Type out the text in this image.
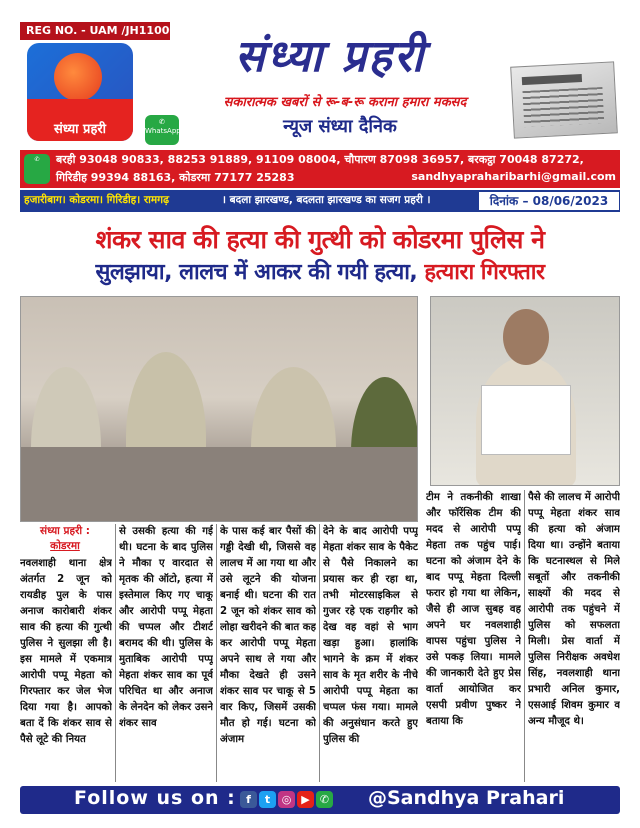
REG NO. - UAM /JH110005169
संध्या प्रहरी	✆
WhatsApp
संध्या प्रहरी
सकारात्मक खबरों से रू-ब-रू कराना हमारा मकसद
न्यूज संध्या दैनिक
✆	बरही 93048 90833, 88253 91889, 91109 08004, चौपारण 87098 36957, बरकट्ठा 70048 87272,
गिरिडीह 99394 88163, कोडरमा 77177 25283	sandhyapraharibarhi@gmail.com
हजारीबाग। कोडरमा। गिरिडीह। रामगढ़	। बदला झारखण्ड, बदलता झारखण्ड का सजग प्रहरी ।	दिनांक – 08/06/2023
शंकर साव की हत्या की गुत्थी को कोडरमा पुलिस ने
सुलझाया, लालच में आकर की गयी हत्या, हत्यारा गिरफ्तार
संध्या प्रहरी :
कोडरमा
नवलशाही थाना क्षेत्र अंतर्गत 2 जून को रायडीह पुल के पास अनाज कारोबारी शंकर साव की हत्या की गुत्थी पुलिस ने सुलझा ली है। इस मामले में एकमात्र आरोपी पप्पू मेहता को गिरफ्तार कर जेल भेज दिया गया है। आपको बता दें कि शंकर साव से पैसे लूटे की नियत
से उसकी हत्या की गई थी। घटना के बाद पुलिस ने मौका ए वारदात से मृतक की ऑटो, हत्या में इस्तेमाल किए गए चाकू और आरोपी पप्पू मेहता की चप्पल और टीशर्ट बरामद की थी। पुलिस के मुताबिक आरोपी पप्पू मेहता शंकर साव का पूर्व परिचित था और अनाज के लेनदेन को लेकर उसने शंकर साव
के पास कई बार पैसों की गड्डी देखी थी, जिससे वह लालच में आ गया था और उसे लूटने की योजना बनाई थी। घटना की रात 2 जून को शंकर साव को लोहा खरीदने की बात कह कर आरोपी पप्पू मेहता अपने साथ ले गया और मौका देखते ही उसने शंकर साव पर चाकू से 5 वार किए, जिसमें उसकी मौत हो गई। घटना को अंजाम
देने के बाद आरोपी पप्पू मेहता शंकर साव के पैकेट से पैसे निकालने का प्रयास कर ही रहा था, तभी मोटरसाइकिल से गुजर रहे एक राहगीर को देख वह वहां से भाग खड़ा हुआ। हालांकि भागने के क्रम में शंकर साव के मृत शरीर के नीचे आरोपी पप्पू मेहता का चप्पल फंस गया। मामले की अनुसंधान करते हुए पुलिस की
टीम ने तकनीकी शाखा और फॉरेंसिक टीम की मदद से आरोपी पप्पू मेहता तक पहुंच पाई। घटना को अंजाम देने के बाद पप्पू मेहता दिल्ली फरार हो गया था लेकिन, जैसे ही आज सुबह वह अपने घर नवलशाही वापस पहुंचा पुलिस ने उसे पकड़ लिया। मामले की जानकारी देते हुए प्रेस वार्ता आयोजित कर एसपी प्रवीण पुष्कर ने बताया कि
पैसे की लालच में आरोपी पप्पू मेहता शंकर साव की हत्या को अंजाम दिया था। उन्होंने बताया कि घटनास्थल से मिले सबूतों और तकनीकी साक्ष्यों की मदद से आरोपी तक पहुंचने में पुलिस को सफलता मिली। प्रेस वार्ता में पुलिस निरीक्षक अवधेश सिंह, नवलशाही थाना प्रभारी अनिल कुमार, एसआई शिवम कुमार व अन्य मौजूद थे।
Follow us on : f	t	◎ ▶ ✆ @Sandhya Prahari
